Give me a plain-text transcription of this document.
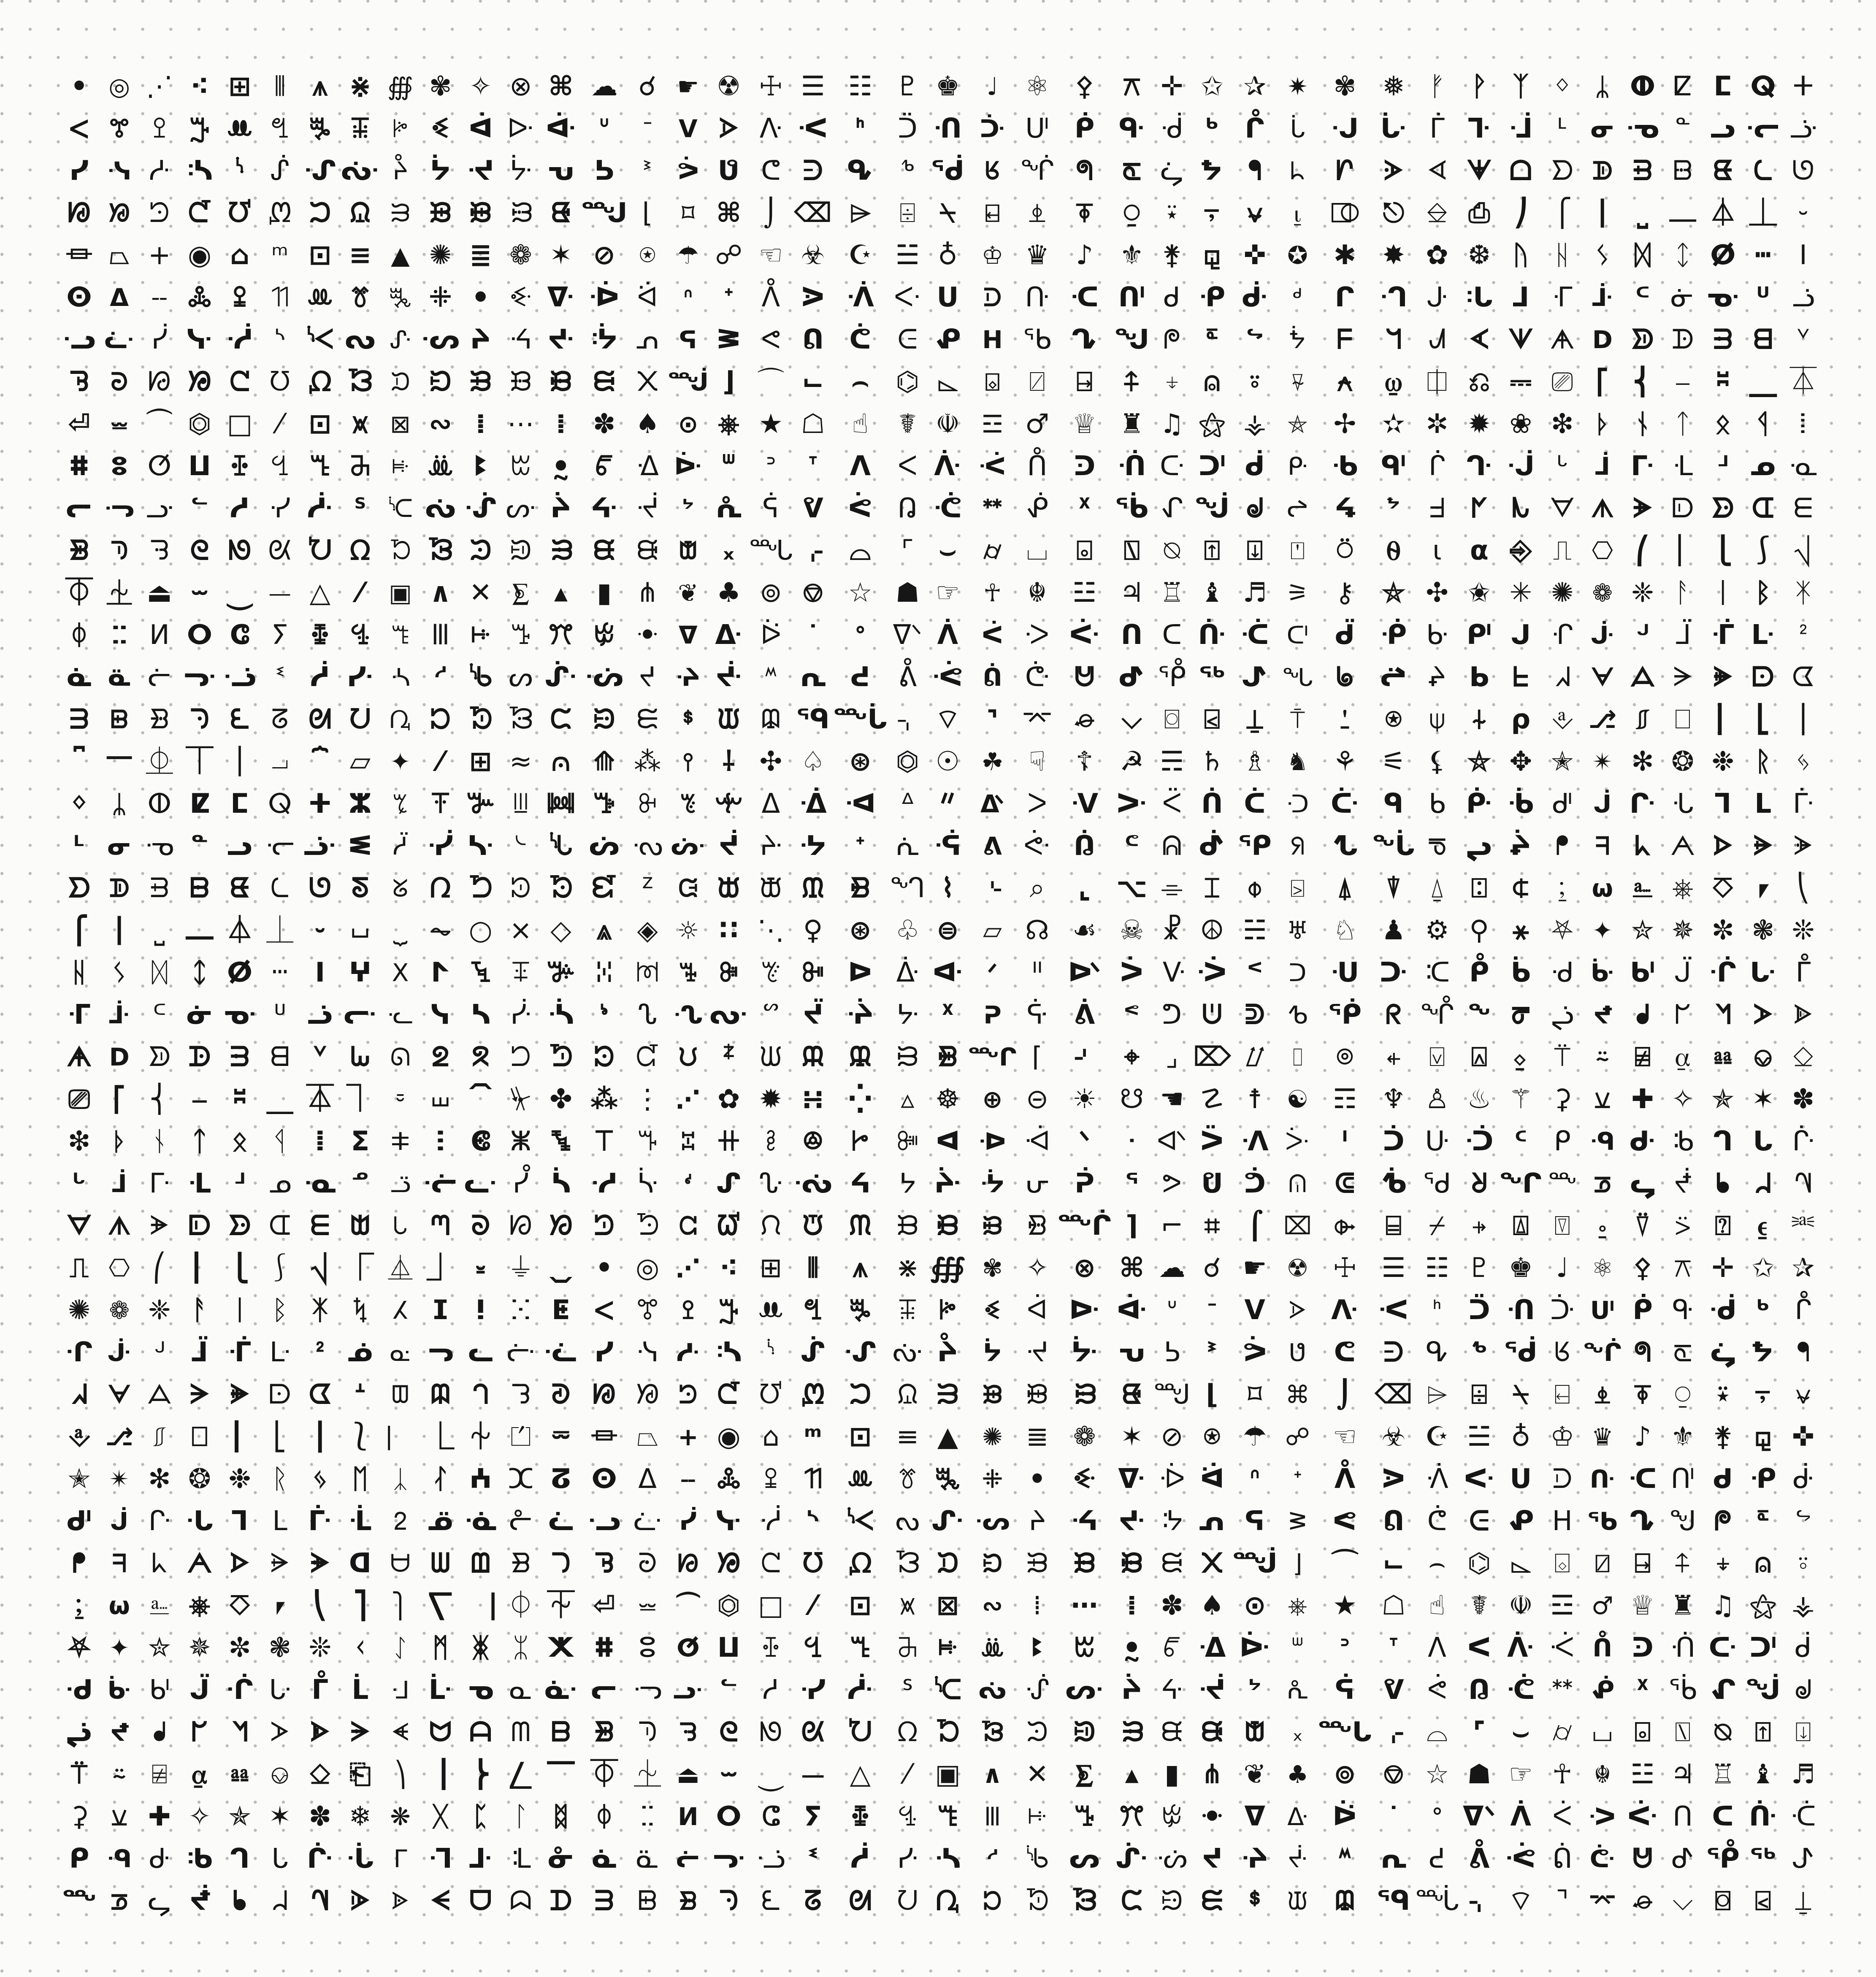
• ◎ ⋰ ⁖ ⊞ ⫴ ⩚ ⋇ ∰ ✾ ✧ ⊗ ⌘ ☁ ☌ ☛ ☢ ☩ ☰ ☷ ♇ ♚	♩ ⚛ ⚴	⚻ ✛ ✩ ✰ ✷ ✾ ❅ ᚠ ᚹ ᛉ ᛜ	ᛦ ⵀ ⵇ ⵎ ⵕ ⵜ
ⵦ ꔅ ꔌ ꔓ ꔚ ꔡ ꔨ ꔯ ꔶ ꔽ ᐋ ᐓ ᐚ ᐡ	ᐨ	ᐯ ᐶ ᐽ ᑄ	ᑋ	ᑒ ᑙ ᑠ ᑧ ᑮ ᑵ ᑼ ᒃ ᒊ	ᒑ ᒘ ᒟ ᒦ ᒭ ᒴ ᒻ ᓂ ᓉ ᓐ ᓗ ᓞ ᓥ
ᓯ ᓶ ᓽ ᔄ ᔋ ᔒ ᔙ ᔠ ᔧ ᔮ ᔵ ᔼ ᕃ ᕊ	ᕑ ᕘ ᕟ ᕦ ᕭ ᕴ ᕻ ᖂ ᖉ ᖐ ᖗ	ᖞ ᖥ ᖬ ᖳ	ᖺ	ᗁ	ᗈ ᗏ ᗖ ᗝ ᗤ ᗫ ᗲ ᗹ ᘀ ᘇ ᘎ
ᘘ ᘟ ᘦ ᘭ ᘴ ᘻ ᙂ ᙉ ᙐ ᙗ ᙞ ᙥ ᙬ ᙳ ⌊	⌑ ⌘ ⌡ ⌫ ⌲	⌹ ⍀	⍇	⍎	⍕	⍜ ⍣ ⍪ ⍱	⍸ ⎄ ⎋ ⎒ ⎙ ⎠ ⎧ ⎮	⎵ ⎼ ⏃ ⏊ ⏑
⏛ ⏢ + ◉ ⌂ ᵐ ⊡ ≡ ▲ ✺ ≣ ❁ ✶ ⊘ ⍟ ☂ ☍ ☜ ☣ ☪ ☱ ♁ ♔ ♛ ♪ ⚜ ⚵ ⚼ ✜ ✪ ✱ ✸ ✿ ❆ ᚢ ᚺ	ᛊ ᛞ ᛨ ⵁ ⵈ ⵏ
ⵙ ⵠ ⵧ ꔆ ꔍ ꔔ ꔛ ꔢ ꔩ ꔰ ꔷ ꔾ ᐍ ᐔ ᐛ	ᐢ	ᐩ	ᐰ ᐷ ᐾ ᑅ ᑌ	ᑓ ᑚ ᑡ ᑨ ᑯ ᑶ ᑽ	ᒄ	ᒋ ᒒ ᒙ ᒠ ᒧ ᒮ ᒵ ᒼ ᓃ ᓊ ᓑ ᓘ
ᓢ ᓩ ᓰ ᓷ ᓾ ᔅ ᔌ ᔓ ᔚ ᔡ ᔨ ᔯ ᔶ ᔽ ᕄ ᕋ ᕒ ᕙ ᕠ ᕧ ᕮ ᕵ ᕼ ᖃ ᖊ ᖑ ᖘ ᖟ	ᖦ	ᖭ	ᖴ	ᖻ ᗂ ᗉ ᗐ ᗗ ᗞ ᗥ ᗬ ᗳ ᗺ ᘁ
ᘋ ᘒ ᘙ ᘠ ᘧ ᘮ ᘵ ᘼ ᙃ ᙊ ᙑ ᙘ ᙟ ᙦ ᙭ ᙴ ⌋ ⌒ ⌙	⌢ ⌬ ⌳	⌺	⍁	⍈	⍏ ⍖ ⍝ ⍤	⍫	⍲	⍹ ⎅ ⎌ ⎓ ⎚ ⎡ ⎨ ⎯	⎶ ⎽ ⏄
⏎ ⏕ ⏜ ⏣ □ ⁄ ⊡ ⩙ ⊠ ∾ ⁞ ⋯ ⁞ ✽ ♠ ⊙ ⎈ ★ ☖ ☝	☤ ☫ ☲ ♂ ♕ ♜ ♫ ⚝ ⚶ ⛤ ✢ ✫ ✲ ✹ ❀ ❇ ᚦ ᚾ ᛏ ᛟ ᛩ	ⵂ
ⵌ ⵓ ⵚ ⵡ ꔀ ꔇ ꔎ ꔕ ꔜ ꔣ ꔪ ꔱ ꔸ ꔿ ᐎ ᐕ ᐜ	ᐣ	ᐪ	ᐱ ᐸ ᐿ ᑆ ᑍ ᑔ ᑛ ᑢ ᑩ ᑰ ᑷ ᑾ ᒅ ᒌ ᒓ ᒚ ᒡ	ᒨ ᒯ ᒶ ᒽ ᓄ ᓋ
ᓕ ᓜ ᓣ ᓪ ᓱ ᓸ ᓿ ᔆ ᔍ ᔔ ᔛ ᔢ ᔩ ᔰ ᔷ ᔾ ᕅ ᕌ ᕓ ᕚ ᕡ ᕨ ᕯ ᕶ	ᕽ ᖄ ᖋ ᖒ ᖙ ᖠ ᖧ	ᖮ	ᖵ ᖼ ᗃ ᗊ ᗑ ᗘ ᗟ ᗦ ᗭ ᗴ
ᗾ ᘅ ᘌ ᘓ ᘚ ᘡ ᘨ ᘯ ᘶ ᘽ ᙄ ᙋ ᙒ ᙙ ᙠ ᙧ ᙮ ᙵ ⌌ ⌓	⌜ ⌣	⌭ ⌴	⌻	⍂ ⍉ ⍐ ⍗	⍞	⍥	⍬	⍳	⍺ ⎆ ⎍ ⎔ ⎛ ⎢ ⎩ ⎰ ⎷
⏁ ⏈ ⏏ ⏖ ⏝ ⏤ △	⁄	▣ ∧ ✕ ⨊ ▴	▮ ⋔ ❦ ♣ ⊚ ⎊ ☆ ☗ ☞ ☥ ☬ ☳ ♃ ♖ ♝ ♬ ⚞ ⚷	⛥ ✣ ✬ ✳ ✺ ❁ ❈ ᚨ ᛁ ᛒ ᛡ
ᛰ ⵆ ⵍ ⵔ ⵛ ⵢ ꔁ ꔈ ꔏ ꔖ ꔝ ꔤ ꔫ ꔲ ꔹ ᐁ ᐏ ᐖ	ᐝ	ᐤ	ᐫ ᐲ ᐹ ᑀ ᑇ ᑎ ᑕ ᑜ ᑣ ᑪ ᑱ ᑸ ᑿ ᒆ ᒍ ᒔ ᒛ ᒢ ᒩ ᒰ ᒷ ᒾ
ᓈ ᓏ ᓖ ᓝ ᓤ ᓫ ᓲ ᓹ ᔀ ᔇ ᔎ ᔕ ᔜ ᔣ ᔪ ᔱ ᔸ ᔿ ᕆ ᕍ	ᕔ ᕛ ᕢ ᕩ ᕰ ᕷ ᕾ ᖅ ᖌ ᖓ ᖚ ᖡ ᖨ ᖯ ᖶ ᖽ ᗄ ᗋ ᗒ ᗙ ᗠ ᗧ
ᗱ ᗸ ᗿ ᘆ ᘍ ᘔ ᘛ ᘢ ᘩ ᘰ ᘷ ᘾ ᙅ ᙌ ᙓ ᙚ ᙡ ᙨ ᙯ ᙶ ⌍ ⌔	⌝ ⌤ ⌮	⌵ ⌼ ⍃ ⍊	⍑	⍘	⍟	⍦ ⍭ ⍴ ⎀ ⎇ ⎎ ⎕ ⎜ ⎣ ⎪
⎴ ⎻ ⏂ ⏉ ⏐ ⏗ ⏞ ⏥ ✦	⁄ ⊞ ≈ ⩀ ⟰ ⁂ ⫯	⸸ ✣ ♤ ⊛ ⏣ ☉ ☘ ☟	☦ ☭ ☴ ♄ ♗ ♞ ⚘ ⚟ ⚸ ⛦ ✥ ✭ ✴ ✻ ❂ ❉ ᚱ ᛃ
ᛜ	ᛦ ⵀ ⵇ ⵎ ⵕ ⵜ ⵣ ꔂ ꔉ ꔐ ꔗ ꔞ ꔥ ꔬ ꔳ ꔺ ᐃ ᐐ ᐗ ᐞ ᐥ	ᐬ ᐳ ᐺ ᑁ ᑈ ᑏ ᑖ ᑝ ᑤ ᑫ ᑲ ᑹ ᒀ ᒇ ᒎ ᒕ ᒜ ᒣ ᒪ ᒱ
ᒻ ᓂ ᓉ ᓐ ᓗ ᓞ ᓥ ᓬ ᓳ ᓺ ᔁ ᔈ ᔏ ᔖ ᔝ ᔤ ᔫ ᔲ ᔹ	ᕀ	ᕇ ᕎ ᕕ ᕜ ᕣ	ᕪ ᕱ ᕸ ᕿ ᖆ ᖍ ᖔ ᖛ ᖢ ᖩ ᖰ	ᖷ ᖾ ᗅ ᗌ ᗓ ᗚ
ᗤ ᗫ ᗲ ᗹ ᘀ ᘇ ᘎ ᘕ ᘜ ᘣ ᘪ ᘱ ᘸ ᘿ ᙆ	ᙍ ᙔ ᙛ ᙢ ᙩ ᙰ ⌇	⌎	⌕	⌞ ⌥ ⌯ ⌶ ⌽	⍄	⍋	⍒	⍙ ⍠ ⍧ ⍮ ⍵ ⎁ ⎈ ⎏ ⎖ ⎝
⎧ ⎮	⎵ ⎼ ⏃ ⏊ ⏑ ⏘ ⏟ ⏦ ○ × ◇ ⩓ ◈ ☼ ∷ ⋱ ♀ ⊛ ♧ ⊜ ⏥ ☊ ☙ ☠ ☧ ☮ ☵ ♅ ♘ ♟ ⚙ ⚲ ⚹ ⛧ ✦ ✮ ✵ ✼ ❃ ❊
ᚺ	ᛊ ᛞ ᛨ ⵁ ⵈ ⵏ ⵖ ⵝ ⵤ ꔃ ꔊ ꔑ ꔘ ꔟ ꔦ ꔭ ꔴ ꔻ ᐅ ᐑ ᐘ ᐟ	ᐦ ᐭ ᐴ ᐻ ᑂ ᑉ	ᑐ ᑗ ᑞ ᑥ ᑬ ᑳ ᑺ ᒁ ᒈ ᒏ ᒖ ᒝ ᒤ
ᒮ ᒵ ᒼ ᓃ ᓊ ᓑ ᓘ ᓟ ᓦ ᓭ ᓴ ᓻ ᔂ ᔉ	ᔐ ᔗ ᔞ ᔥ ᔬ ᔳ ᔺ ᕁ	ᕈ ᕏ ᕖ	ᕝ ᕤ ᕫ ᕲ ᕹ ᖀ ᖇ ᖎ ᖕ ᖜ ᖣ ᖪ ᖱ ᖸ ᖿ ᗆ ᗍ
ᗗ ᗞ ᗥ ᗬ ᗳ ᗺ ᘁ ᘈ ᘏ ᘖ ᘝ ᘤ ᘫ ᘲ ᘹ ᙀ ᙇ ᙎ ᙕ ᙜ ᙣ ᙪ ᙱ ⌈	⌏	⌖ ⌟ ⌦ ⌰	⌷	⌾	⍅	⍌ ⍓ ⍚ ⍡	⍨ ⍯ ⍶ ⎂ ⎉ ⎐
⎚ ⎡ ⎨ ⎯	⎶ ⎽ ⏄ ⏋ ⏒	⏙ ⏠ ⏧ ✤ ⁂ ⋮ ⋰ ✿ ✹ ∺ ⁛	▵ ☸ ⊕ ⊝ ☀ ☋ ☚ ☡ ☨ ☯ ☶ ♆ ♙ ♨ ⚚ ⚳ ⚺ ✚ ✧ ✯ ✶ ✽
❇ ᚦ ᚾ ᛏ ᛟ ᛩ	ⵂ ⵉ ⵐ ⵗ ⵞ ⵥ ꔄ ꔋ ꔒ ꔙ ꔠ ꔧ ꔮ	ꔵ ꔼ ᐊ ᐒ ᐙ	ᐠ	ᐧ ᐮ ᐵ ᐼ ᑃ	ᑊ	ᑑ ᑘ ᑟ ᑦ ᑭ ᑴ ᑻ ᒂ ᒉ ᒐ ᒗ
ᒡ	ᒨ ᒯ ᒶ ᒽ ᓄ ᓋ ᓒ ᓙ ᓠ ᓧ ᓮ ᓵ ᓼ ᔃ	ᔊ ᔑ ᔘ ᔟ ᔦ	ᔭ ᔴ ᔻ ᕂ ᕉ	ᕐ ᕗ ᕞ ᕥ ᕬ	ᕳ ᕺ ᖁ ᖈ ᖏ ᖖ ᖝ ᖤ ᖫ ᖲ ᖹ ᗀ
ᗊ ᗑ ᗘ ᗟ ᗦ ᗭ ᗴ ᗻ ᘂ ᘉ ᘐ ᘗ ᘞ ᘥ ᘬ ᘳ ᘺ ᙁ ᙈ ᙏ ᙖ ᙝ ᙤ ᙫ ᙲ ⌉ ⌐ ⌗ ⌠ ⌧ ⌱	⌸	⌿ ⍆ ⍍ ⍔	⍛ ⍢ ⍩ ⍰ ⍷ ⎃
⎍ ⎔ ⎛ ⎢ ⎩ ⎰ ⎷ ⎾ ⏅ ⏌ ⏓ ⏚ ⏡ • ◎ ⋰ ⁖ ⊞ ⫴	⩚	⋇ ∰ ✾ ✧ ⊗ ⌘ ☁ ☌ ☛ ☢ ☩ ☰ ☷ ♇ ♚ ♩ ⚛ ⚴ ⚻ ✛ ✩ ✰
✺ ❁ ❈ ᚨ ᛁ ᛒ ᛡ ᛪ ⵃ ⵊ ⵑ ⵘ ⵟ ⵦ ꔅ ꔌ ꔓ ꔚ ꔡ ꔨ ꔯ ꔶ	ꔽ ᐋ ᐓ ᐚ ᐡ	ᐨ ᐯ ᐶ ᐽ ᑄ ᑋ ᑒ ᑙ ᑠ ᑧ ᑮ ᑵ ᑼ ᒃ ᒊ
ᒔ ᒛ ᒢ ᒩ ᒰ ᒷ ᒾ ᓅ ᓌ ᓓ ᓚ ᓡ ᓨ ᓯ ᓶ ᓽ ᔄ ᔋ ᔒ ᔙ ᔠ ᔧ	ᔮ ᔵ ᔼ ᕃ ᕊ	ᕑ ᕘ ᕟ	ᕦ	ᕭ ᕴ ᕻ ᖂ ᖉ ᖐ ᖗ ᖞ ᖥ ᖬ ᖳ
ᖽ ᗄ ᗋ ᗒ ᗙ ᗠ ᗧ ᗮ	ᗵ ᗼ ᘃ ᘊ ᘑ ᘘ ᘟ ᘦ ᘭ ᘴ ᘻ ᙂ ᙉ ᙐ ᙗ ᙞ ᙥ	ᙬ ᙳ ⌊	⌑ ⌘ ⌡ ⌫ ⌲ ⌹ ⍀ ⍇	⍎ ⍕ ⍜ ⍣ ⍪ ⍱
⎀ ⎇ ⎎ ⎕ ⎜ ⎣ ⎪ ⎱ ⎸ ⎿ ⏆ ⏍ ⏔ ⏛ ⏢ + ◉ ⌂ ᵐ	⊡ ≡ ▲ ✺ ≣ ❁ ✶ ⊘ ⍟ ☂ ☍ ☜ ☣ ☪ ☱ ♁ ♔ ♛ ♪ ⚜ ⚵ ⚼ ✜
✭ ✴ ✻ ❂ ❉ ᚱ ᛃ ᛖ	ᛣ ᛮ ⵄ ⵋ ⵒ ⵙ ⵠ ⵧ ꔆ ꔍ ꔔ ꔛ ꔢ ꔩ ꔰ	ꔷ	ꔾ ᐍ ᐔ ᐛ ᐢ	ᐩ	ᐰ ᐷ ᐾ ᑅ ᑌ ᑓ ᑚ ᑡ ᑨ ᑯ ᑶ ᑽ
ᒇ ᒎ ᒕ ᒜ ᒣ ᒪ ᒱ ᒸ ᒿ ᓆ ᓍ ᓔ ᓛ ᓢ ᓩ ᓰ ᓷ ᓾ ᔅ ᔌ ᔓ ᔚ ᔡ ᔨ ᔯ ᔶ ᔽ ᕄ ᕋ ᕒ ᕙ ᕠ ᕧ ᕮ ᕵ ᕼ ᖃ ᖊ ᖑ ᖘ ᖟ ᖦ
ᖰ	ᖷ ᖾ ᗅ ᗌ ᗓ ᗚ ᗡ ᗨ ᗯ ᗶ ᗽ ᘄ ᘋ ᘒ ᘙ ᘠ ᘧ ᘮ ᘵ ᘼ ᙃ ᙊ ᙑ ᙘ ᙟ ᙦ ᙭ ᙴ ⌋	⌒ ⌙ ⌢ ⌬ ⌳ ⌺	⍁ ⍈ ⍏ ⍖ ⍝ ⍤
⍮ ⍵ ⎁ ⎈ ⎏ ⎖ ⎝ ⎤ ⎫ ⎲ ⎹ ⏀ ⏇ ⏎ ⏕ ⏜ ⏣ □	⁄	⊡	⩙ ⊠ ∾	⁞	⋯	⁞ ✽ ♠ ⊙ ⎈ ★ ☖ ☝ ☤ ☫ ☲ ♂ ♕ ♜ ♫ ⚝ ⚶
⛧ ✦ ✮ ✵ ✼ ❃ ❊ ᚲ	ᛇ ᛗ ᛤ ᛯ ⵅ ⵌ ⵓ ⵚ ⵡ ꔀ ꔇ	ꔎ ꔕ ꔜ ꔣ ꔪ	ꔱ	ꔸ ꔿ ᐎ ᐕ ᐜ	ᐣ	ᐪ	ᐱ ᐸ ᐿ ᑆ ᑍ ᑔ ᑛ ᑢ ᑩ ᑰ
ᑺ ᒁ ᒈ ᒏ ᒖ ᒝ ᒤ ᒫ ᒲ ᒹ ᓀ ᓇ ᓎ ᓕ ᓜ ᓣ ᓪ ᓱ ᓸ ᓿ	ᔆ ᔍ ᔔ ᔛ ᔢ ᔩ ᔰ ᔷ ᔾ	ᕅ ᕌ	ᕓ ᕚ ᕡ ᕨ ᕯ ᕶ ᕽ ᖄ ᖋ ᖒ ᖙ
ᖣ ᖪ ᖱ ᖸ ᖿ ᗆ ᗍ ᗔ ᗛ ᗢ ᗩ ᗰ ᗷ ᗾ ᘅ ᘌ ᘓ ᘚ ᘡ ᘨ ᘯ ᘶ ᘽ ᙄ ᙋ ᙒ ᙙ ᙠ ᙧ	᙮ ᙵ ⌌ ⌓ ⌜ ⌣ ⌭ ⌴ ⌻ ⍂ ⍉ ⍐ ⍗
⍡	⍨ ⍯ ⍶ ⎂ ⎉ ⎐ ⎗ ⎞	⎥ ⎬ ⎳ ⎺ ⏁ ⏈ ⏏ ⏖ ⏝ ⏤ △	⁄ ▣ ∧ ✕	⨊	▴ ▮ ⋔ ❦ ♣ ⊚ ⎊ ☆ ☗ ☞ ☥ ☬ ☳ ♃ ♖ ♝ ♬
⚳ ⚺ ✚ ✧ ✯ ✶ ✽ ❄ ❋ ᚷ ᛈ ᛚ ᛥ	ᛰ	ⵆ ⵍ ⵔ ⵛ ⵢ	ꔁ	ꔈ ꔏ	ꔖ	ꔝ ꔤ ꔫ ꔲ ꔹ ᐁ ᐏ ᐖ	ᐝ	ᐤ ᐫ ᐲ ᐹ ᑀ ᑇ ᑎ ᑕ ᑜ ᑣ
ᑭ ᑴ ᑻ ᒂ ᒉ ᒐ ᒗ ᒞ ᒥ ᒬ ᒳ ᒺ ᓁ ᓈ ᓏ ᓖ ᓝ ᓤ ᓫ	ᓲ	ᓹ ᔀ	ᔇ ᔎ ᔕ ᔜ ᔣ ᔪ ᔱ ᔸ	ᔿ	ᕆ ᕍ ᕔ ᕛ ᕢ ᕩ ᕰ ᕷ ᕾ ᖅ ᖌ
ᖖ ᖝ ᖤ ᖫ ᖲ ᖹ ᗀ ᗇ ᗎ ᗕ ᗜ ᗣ ᗪ ᗱ ᗸ ᗿ ᘆ ᘍ ᘔ	ᘛ ᘢ ᘩ ᘰ ᘷ ᘾ ᙅ ᙌ ᙓ ᙚ	ᙡ	ᙨ ᙯ ᙶ ⌍ ⌔ ⌝ ⌤ ⌮ ⌵ ⌼ ⍃ ⍊
